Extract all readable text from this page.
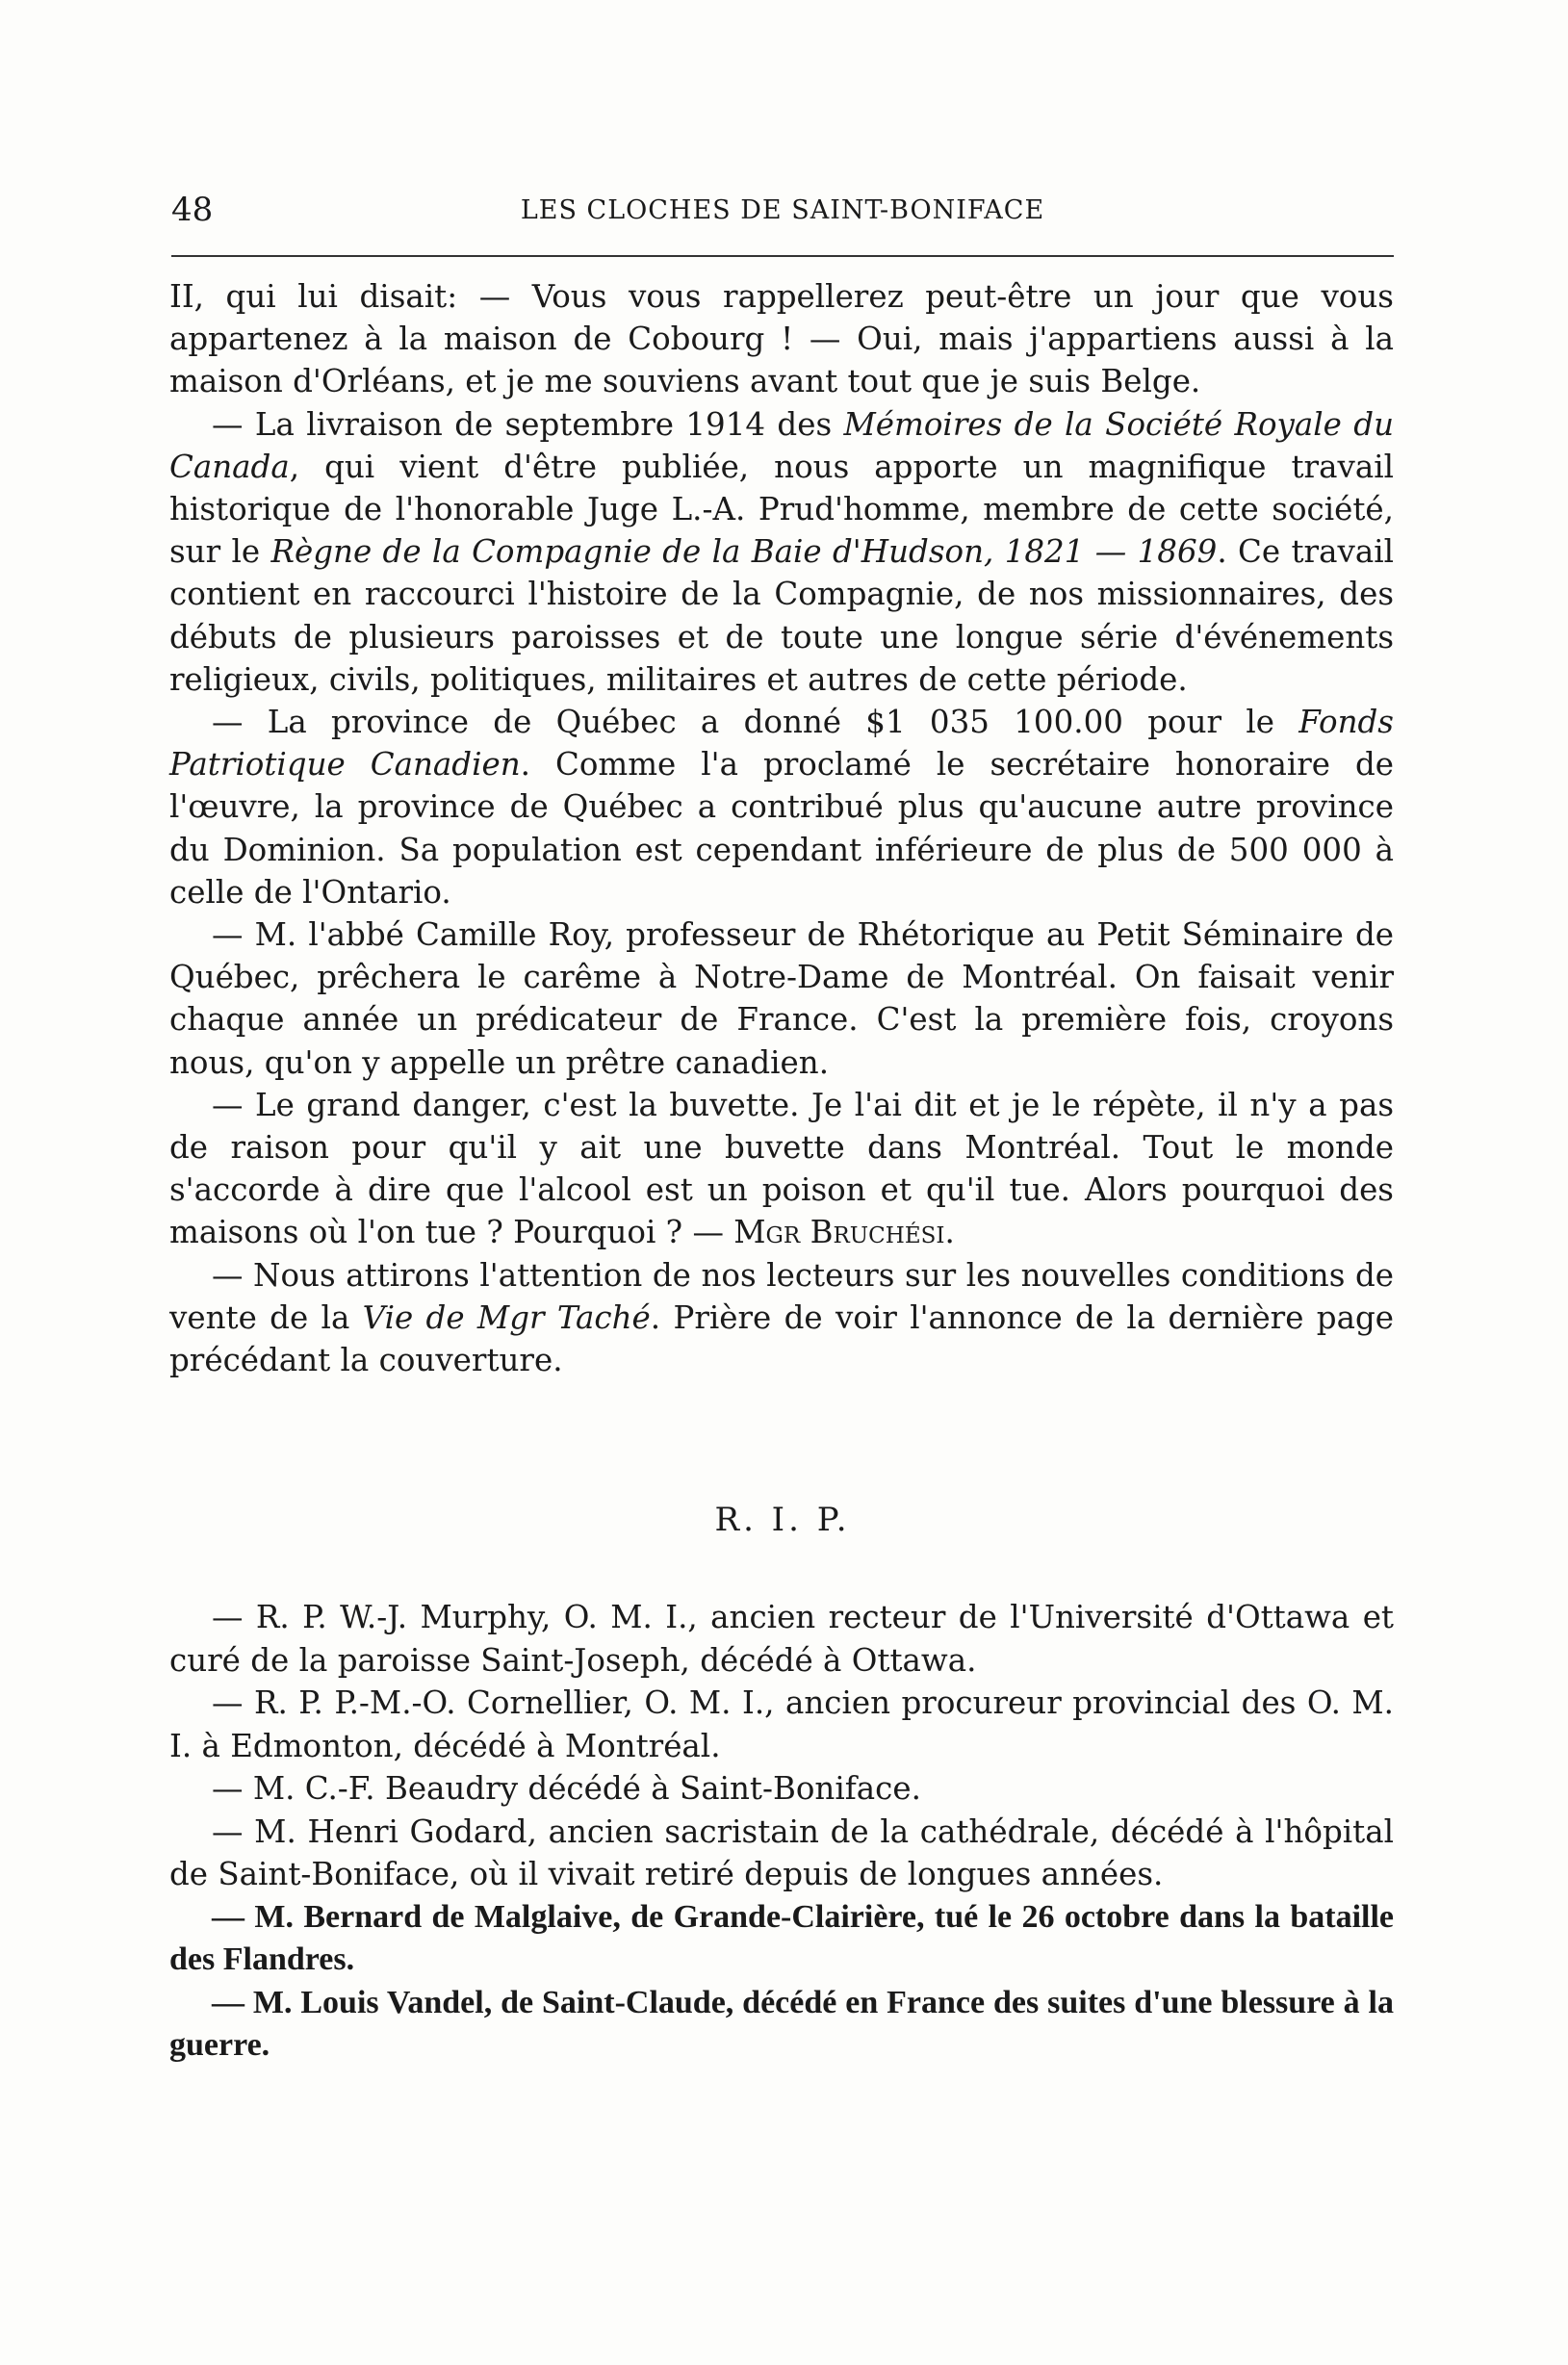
48	LES CLOCHES DE SAINT-BONIFACE

II, qui lui disait: — Vous vous rappellerez peut-être un jour que vous appartenez à la maison de Cobourg ! — Oui, mais j'appartiens aussi à la maison d'Orléans, et je me souviens avant tout que je suis Belge.

— La livraison de septembre 1914 des Mémoires de la Société Royale du Canada, qui vient d'être publiée, nous apporte un magnifique travail historique de l'honorable Juge L.-A. Prud'homme, membre de cette société, sur le Règne de la Compagnie de la Baie d'Hudson, 1821 — 1869. Ce travail contient en raccourci l'histoire de la Compagnie, de nos missionnaires, des débuts de plusieurs paroisses et de toute une longue série d'événements religieux, civils, politiques, militaires et autres de cette période.

— La province de Québec a donné $1 035 100.00 pour le Fonds Patriotique Canadien. Comme l'a proclamé le secrétaire honoraire de l'œuvre, la province de Québec a contribué plus qu'aucune autre province du Dominion. Sa population est cependant inférieure de plus de 500 000 à celle de l'Ontario.

— M. l'abbé Camille Roy, professeur de Rhétorique au Petit Séminaire de Québec, prêchera le carême à Notre-Dame de Montréal. On faisait venir chaque année un prédicateur de France. C'est la première fois, croyons nous, qu'on y appelle un prêtre canadien.

— Le grand danger, c'est la buvette. Je l'ai dit et je le répète, il n'y a pas de raison pour qu'il y ait une buvette dans Montréal. Tout le monde s'accorde à dire que l'alcool est un poison et qu'il tue. Alors pourquoi des maisons où l'on tue ? Pourquoi ? — Mgr Bruchési.

— Nous attirons l'attention de nos lecteurs sur les nouvelles conditions de vente de la Vie de Mgr Taché. Prière de voir l'annonce de la dernière page précédant la couverture.

R. I. P.

— R. P. W.-J. Murphy, O. M. I., ancien recteur de l'Université d'Ottawa et curé de la paroisse Saint-Joseph, décédé à Ottawa.

— R. P. P.-M.-O. Cornellier, O. M. I., ancien procureur provincial des O. M. I. à Edmonton, décédé à Montréal.

— M. C.-F. Beaudry décédé à Saint-Boniface.

— M. Henri Godard, ancien sacristain de la cathédrale, décédé à l'hôpital de Saint-Boniface, où il vivait retiré depuis de longues années.

— M. Bernard de Malglaive, de Grande-Clairière, tué le 26 octobre dans la bataille des Flandres.

— M. Louis Vandel, de Saint-Claude, décédé en France des suites d'une blessure à la guerre.
